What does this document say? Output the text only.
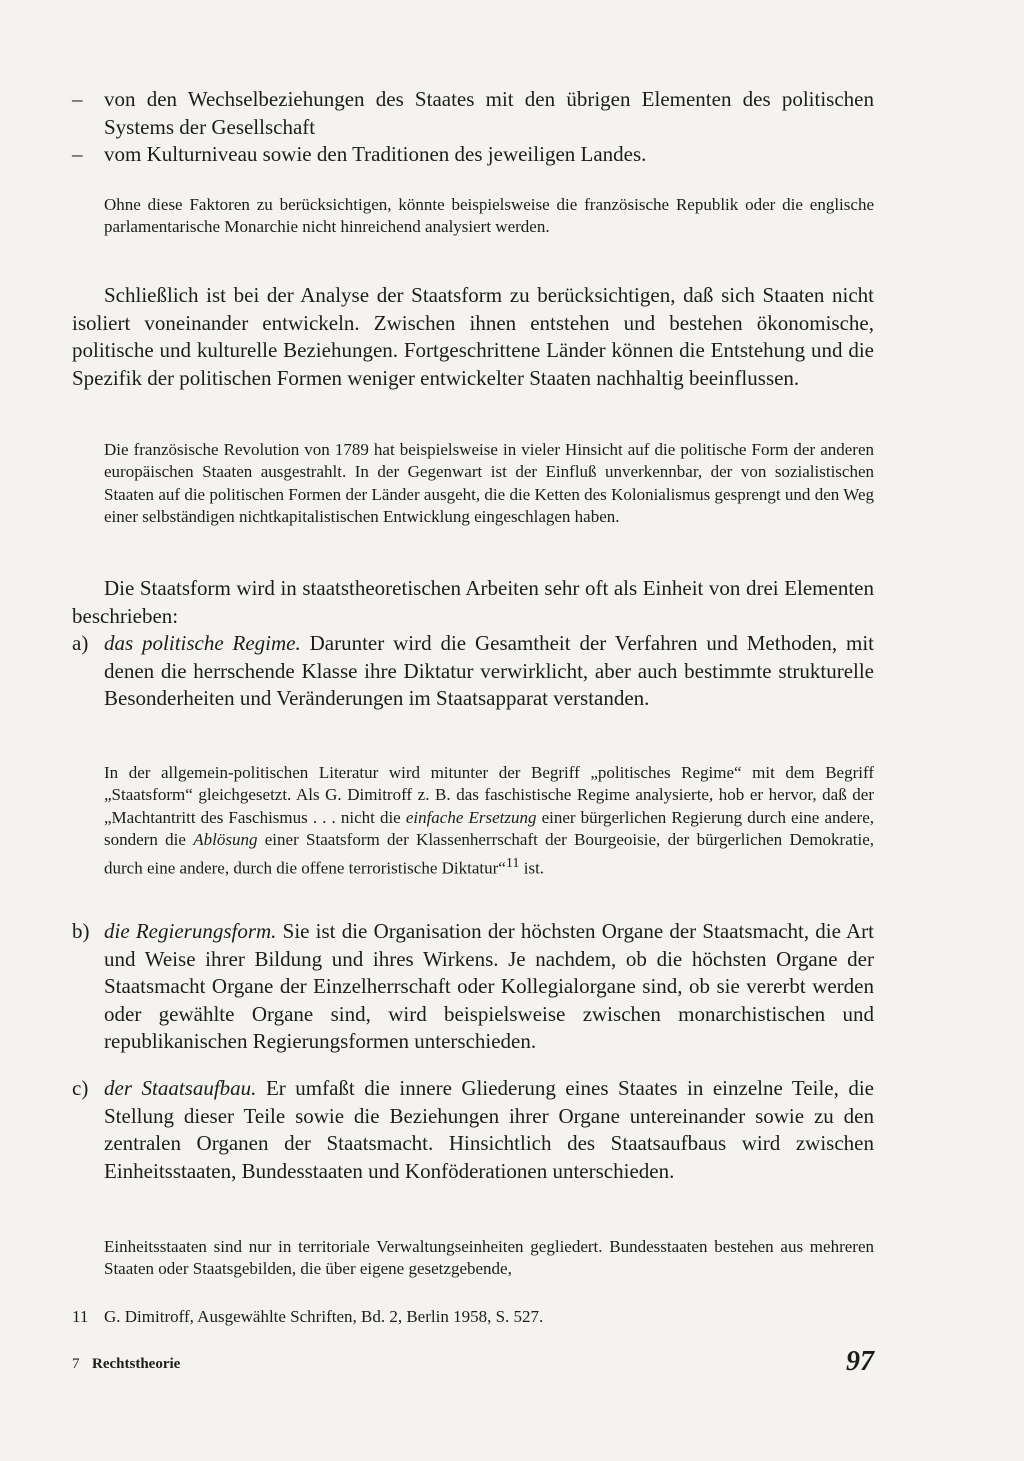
–	von den Wechselbeziehungen des Staates mit den übrigen Elementen des politischen Systems der Gesellschaft
–	vom Kulturniveau sowie den Traditionen des jeweiligen Landes.
Ohne diese Faktoren zu berücksichtigen, könnte beispielsweise die französische Republik oder die englische parlamentarische Monarchie nicht hinreichend analysiert werden.
Schließlich ist bei der Analyse der Staatsform zu berücksichtigen, daß sich Staaten nicht isoliert voneinander entwickeln. Zwischen ihnen entstehen und bestehen ökonomische, politische und kulturelle Beziehungen. Fortgeschrittene Länder können die Entstehung und die Spezifik der politischen Formen weniger entwickelter Staaten nachhaltig beeinflussen.
Die französische Revolution von 1789 hat beispielsweise in vieler Hinsicht auf die politische Form der anderen europäischen Staaten ausgestrahlt. In der Gegenwart ist der Einfluß unverkennbar, der von sozialistischen Staaten auf die politischen Formen der Länder ausgeht, die die Ketten des Kolonialismus gesprengt und den Weg einer selbständigen nichtkapitalistischen Entwicklung eingeschlagen haben.
Die Staatsform wird in staatstheoretischen Arbeiten sehr oft als Einheit von drei Elementen beschrieben:
a) das politische Regime. Darunter wird die Gesamtheit der Verfahren und Methoden, mit denen die herrschende Klasse ihre Diktatur verwirklicht, aber auch bestimmte strukturelle Besonderheiten und Veränderungen im Staatsapparat verstanden.
In der allgemein-politischen Literatur wird mitunter der Begriff „politisches Regime“ mit dem Begriff „Staatsform“ gleichgesetzt. Als G. Dimitroff z. B. das faschistische Regime analysierte, hob er hervor, daß der „Machtantritt des Faschismus . . . nicht die einfache Ersetzung einer bürgerlichen Regierung durch eine andere, sondern die Ablösung einer Staatsform der Klassenherrschaft der Bourgeoisie, der bürgerlichen Demokratie, durch eine andere, durch die offene terroristische Diktatur“$^{11}$ ist.
b) die Regierungsform. Sie ist die Organisation der höchsten Organe der Staatsmacht, die Art und Weise ihrer Bildung und ihres Wirkens. Je nachdem, ob die höchsten Organe der Staatsmacht Organe der Einzelherrschaft oder Kollegialorgane sind, ob sie vererbt werden oder gewählte Organe sind, wird beispielsweise zwischen monarchistischen und republikanischen Regierungsformen unterschieden.
c) der Staatsaufbau. Er umfaßt die innere Gliederung eines Staates in einzelne Teile, die Stellung dieser Teile sowie die Beziehungen ihrer Organe untereinander sowie zu den zentralen Organen der Staatsmacht. Hinsichtlich des Staatsaufbaus wird zwischen Einheitsstaaten, Bundesstaaten und Konföderationen unterschieden.
Einheitsstaaten sind nur in territoriale Verwaltungseinheiten gegliedert. Bundesstaaten bestehen aus mehreren Staaten oder Staatsgebilden, die über eigene gesetzgebende,
11 G. Dimitroff, Ausgewählte Schriften, Bd. 2, Berlin 1958, S. 527.
7 Rechtstheorie	97
